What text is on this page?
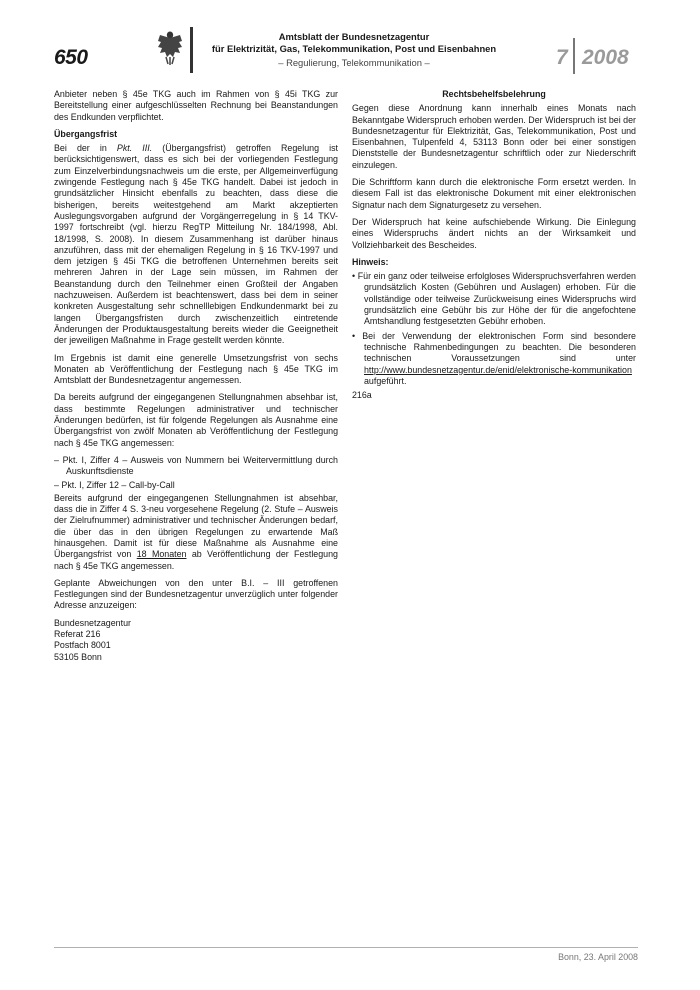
650
Amtsblatt der Bundesnetzagentur
für Elektrizität, Gas, Telekommunikation, Post und Eisenbahnen
– Regulierung, Telekommunikation –	7 2008

Anbieter neben § 45e TKG auch im Rahmen von § 45i TKG zur Bereitstellung einer aufgeschlüsselten Rechnung bei Beanstandungen des Endkunden verpflichtet.

Übergangsfrist

Bei der in Pkt. III. (Übergangsfrist) getroffen Regelung ist berücksichtigenswert, dass es sich bei der vorliegenden Festlegung zum Einzelverbindungsnachweis um die erste, per Allgemeinverfügung zwingende Festlegung nach § 45e TKG handelt. Dabei ist jedoch in grundsätzlicher Hinsicht ebenfalls zu beachten, dass diese die bisherigen, bereits weitestgehend am Markt akzeptierten Auslegungsvorgaben aufgrund der Vorgängerregelung in § 14 TKV-1997 fortschreibt (vgl. hierzu RegTP Mitteilung Nr. 184/1998, Abl. 18/1998, S. 2008). In diesem Zusammenhang ist darüber hinaus anzuführen, dass mit der ehemaligen Regelung in § 16 TKV-1997 und dem jetzigen § 45i TKG die betroffenen Unternehmen bereits seit mehreren Jahren in der Lage sein müssen, im Rahmen der Beanstandung durch den Teilnehmer einen Großteil der Angaben nachzuweisen. Außerdem ist beachtenswert, dass bei dem in seiner konkreten Ausgestaltung sehr schnelllebigen Endkundenmarkt bei zu langen Übergangsfristen durch zwischenzeitlich eintretende Änderungen der Produktausgestaltung bereits wieder die Geeignetheit der jeweiligen Maßnahme in Frage gestellt werden könnte.

Im Ergebnis ist damit eine generelle Umsetzungsfrist von sechs Monaten ab Veröffentlichung der Festlegung nach § 45e TKG im Amtsblatt der Bundesnetzagentur angemessen.

Da bereits aufgrund der eingegangenen Stellungnahmen absehbar ist, dass bestimmte Regelungen administrativer und technischer Änderungen bedürfen, ist für folgende Regelungen als Ausnahme eine Übergangsfrist von zwölf Monaten ab Veröffentlichung der Festlegung nach § 45e TKG angemessen:

– Pkt. I, Ziffer 4 – Ausweis von Nummern bei Weitervermittlung durch Auskunftsdienste

– Pkt. I, Ziffer 12 – Call-by-Call

Bereits aufgrund der eingegangenen Stellungnahmen ist absehbar, dass die in Ziffer 4 S. 3-neu vorgesehene Regelung (2. Stufe – Ausweis der Zielrufnummer) administrativer und technischer Änderungen bedarf, die über das in den übrigen Regelungen zu erwartende Maß hinausgehen. Damit ist für diese Maßnahme als Ausnahme eine Übergangsfrist von 18 Monaten ab Veröffentlichung der Festlegung nach § 45e TKG angemessen.

Geplante Abweichungen von den unter B.I. – III getroffenen Festlegungen sind der Bundesnetzagentur unverzüglich unter folgender Adresse anzuzeigen:

Bundesnetzagentur

Referat 216

Postfach 8001

53105 Bonn

Rechtsbehelfsbelehrung

Gegen diese Anordnung kann innerhalb eines Monats nach Bekanntgabe Widerspruch erhoben werden. Der Widerspruch ist bei der Bundesnetzagentur für Elektrizität, Gas, Telekommunikation, Post und Eisenbahnen, Tulpenfeld 4, 53113 Bonn oder bei einer sonstigen Dienststelle der Bundesnetzagentur schriftlich oder zur Niederschrift einzulegen.

Die Schriftform kann durch die elektronische Form ersetzt werden. In diesem Fall ist das elektronische Dokument mit einer elektronischen Signatur nach dem Signaturgesetz zu versehen.

Der Widerspruch hat keine aufschiebende Wirkung. Die Einlegung eines Widerspruchs ändert nichts an der Wirksamkeit und Vollziehbarkeit des Bescheides.

Hinweis:

• Für ein ganz oder teilweise erfolgloses Widerspruchsverfahren werden grundsätzlich Kosten (Gebühren und Auslagen) erhoben. Für die vollständige oder teilweise Zurückweisung eines Widerspruchs wird grundsätzlich eine Gebühr bis zur Höhe der für die angefochtene Amtshandlung festgesetzten Gebühr erhoben.

• Bei der Verwendung der elektronischen Form sind besondere technische Rahmenbedingungen zu beachten. Die besonderen technischen Voraussetzungen sind unter http://www.bundesnetzagentur.de/enid/elektronische-kommunikation aufgeführt.

216a

Bonn, 23. April 2008
